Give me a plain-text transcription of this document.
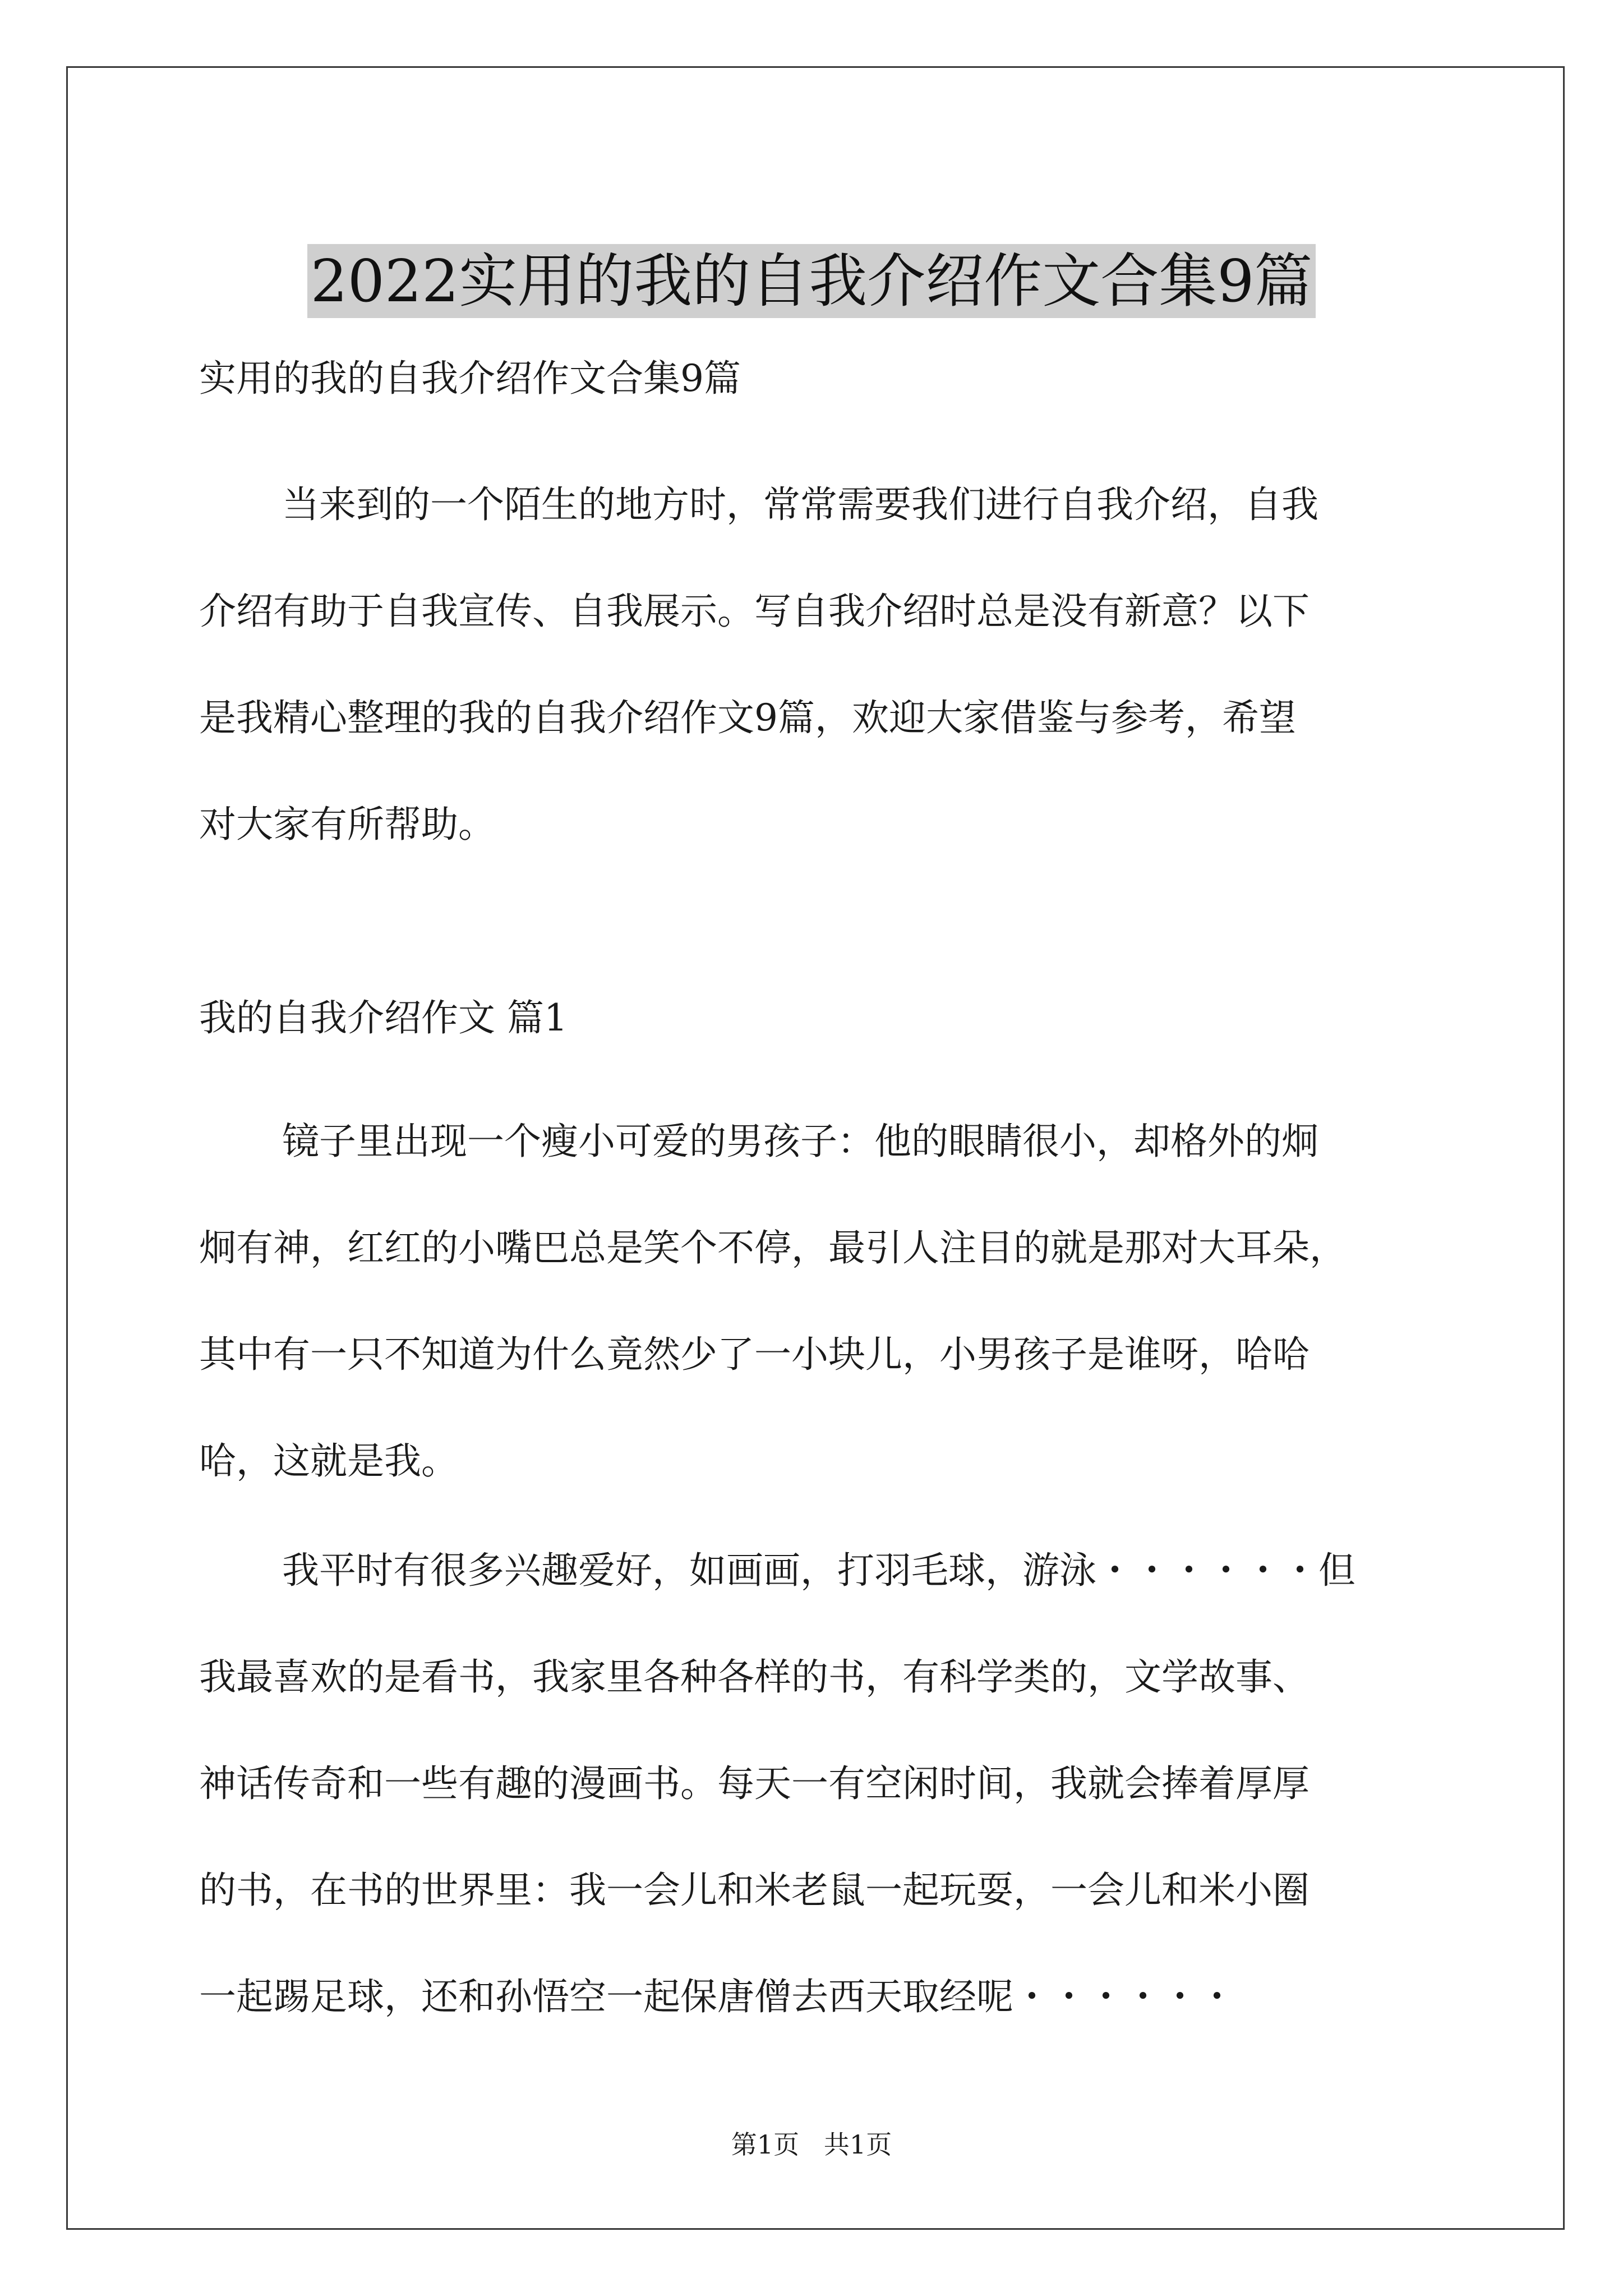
2022实用的我的自我介绍作文合集9篇
实用的我的自我介绍作文合集9篇
当来到的一个陌生的地方时，常常需要我们进行自我介绍，自我
介绍有助于自我宣传、自我展示。写自我介绍时总是没有新意？以下
是我精心整理的我的自我介绍作文9篇，欢迎大家借鉴与参考，希望
对大家有所帮助。
我的自我介绍作文 篇1
镜子里出现一个瘦小可爱的男孩子：他的眼睛很小，却格外的炯
炯有神，红红的小嘴巴总是笑个不停，最引人注目的就是那对大耳朵，
其中有一只不知道为什么竟然少了一小块儿，小男孩子是谁呀，哈哈
哈，这就是我。
我平时有很多兴趣爱好，如画画，打羽毛球，游泳・・・・・・但
我最喜欢的是看书，我家里各种各样的书，有科学类的，文学故事、
神话传奇和一些有趣的漫画书。每天一有空闲时间，我就会捧着厚厚
的书，在书的世界里：我一会儿和米老鼠一起玩耍，一会儿和米小圈
一起踢足球，还和孙悟空一起保唐僧去西天取经呢・・・・・・
第1页   共1页
